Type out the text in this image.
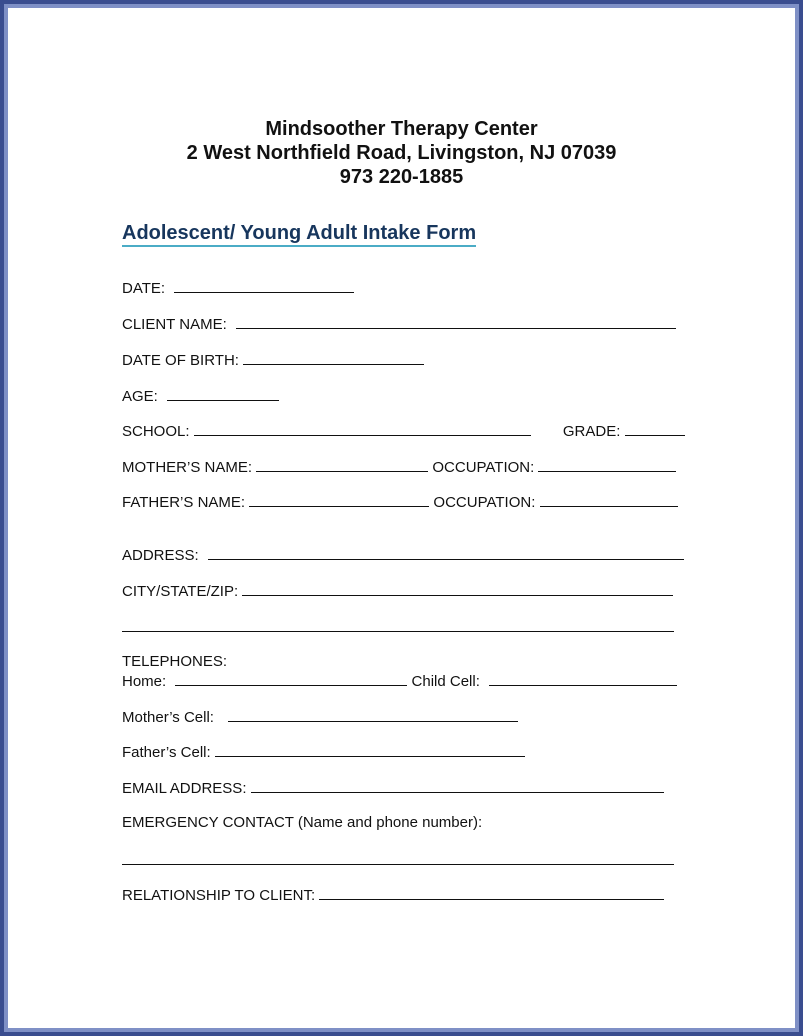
Mindsoother Therapy Center
2 West Northfield Road, Livingston, NJ 07039
973 220-1885
Adolescent/ Young Adult Intake Form
DATE:
CLIENT NAME:
DATE OF BIRTH:
AGE:
SCHOOL:	GRADE:
MOTHER’S NAME:	OCCUPATION:
FATHER’S NAME:	OCCUPATION:
ADDRESS:
CITY/STATE/ZIP:
TELEPHONES:
Home:	Child Cell:
Mother’s Cell:
Father’s Cell:
EMAIL ADDRESS:
EMERGENCY CONTACT (Name and phone number):
RELATIONSHIP TO CLIENT:
